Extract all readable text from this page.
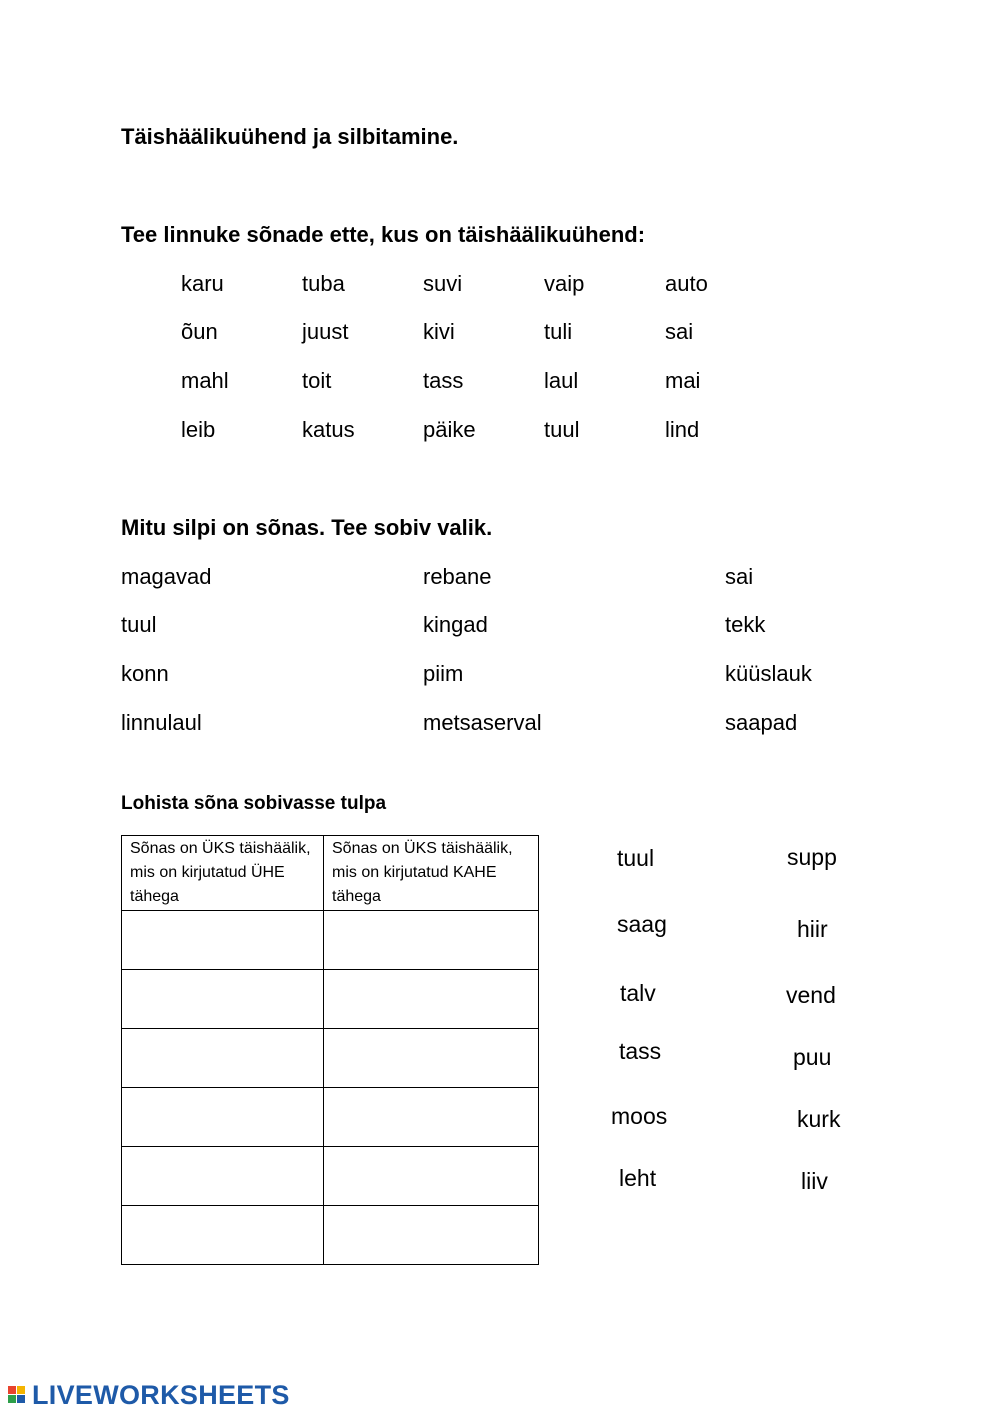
Täishäälikuühend ja silbitamine.
Tee linnuke sõnade ette, kus on täishäälikuühend:
karu	tuba	suvi	vaip	auto
õun	juust	kivi	tuli	sai
mahl	toit	tass	laul	mai
leib	katus	päike	tuul	lind
Mitu silpi on sõnas. Tee sobiv valik.
magavad	rebane	sai
tuul	kingad	tekk
konn	piim	küüslauk
linnulaul	metsaserval	saapad
Lohista sõna sobivasse tulpa
Sõnas on ÜKS täishäälik, mis on kirjutatud ÜHE tähega	Sõnas on ÜKS täishäälik, mis on kirjutatud KAHE tähega

tuul
saag
talv
tass
moos
leht
supp
hiir
vend
puu
kurk
liiv
LIVEWORKSHEETS
